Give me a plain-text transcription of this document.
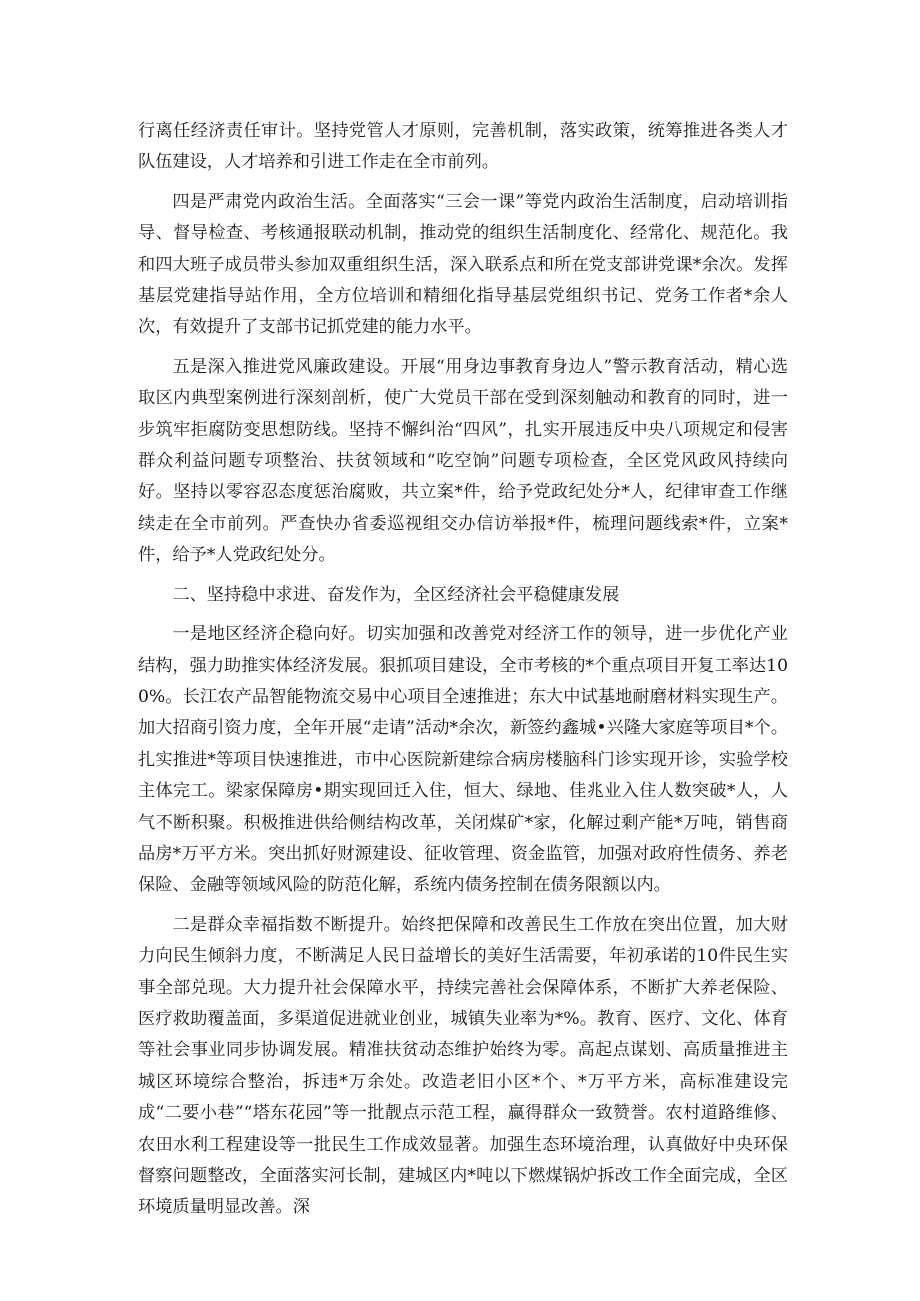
行离任经济责任审计。坚持党管人才原则，完善机制，落实政策，统筹推进各类人才队伍建设，人才培养和引进工作走在全市前列。

四是严肃党内政治生活。全面落实“三会一课”等党内政治生活制度，启动培训指导、督导检查、考核通报联动机制，推动党的组织生活制度化、经常化、规范化。我和四大班子成员带头参加双重组织生活，深入联系点和所在党支部讲党课*余次。发挥基层党建指导站作用，全方位培训和精细化指导基层党组织书记、党务工作者*余人次，有效提升了支部书记抓党建的能力水平。

五是深入推进党风廉政建设。开展“用身边事教育身边人”警示教育活动，精心选取区内典型案例进行深刻剖析，使广大党员干部在受到深刻触动和教育的同时，进一步筑牢拒腐防变思想防线。坚持不懈纠治“四风”，扎实开展违反中央八项规定和侵害群众利益问题专项整治、扶贫领域和“吃空饷”问题专项检查，全区党风政风持续向好。坚持以零容忍态度惩治腐败，共立案*件，给予党政纪处分*人，纪律审查工作继续走在全市前列。严查快办省委巡视组交办信访举报*件，梳理问题线索*件，立案*件，给予*人党政纪处分。

二、坚持稳中求进、奋发作为，全区经济社会平稳健康发展

一是地区经济企稳向好。切实加强和改善党对经济工作的领导，进一步优化产业结构，强力助推实体经济发展。狠抓项目建设，全市考核的*个重点项目开复工率达100%。长江农产品智能物流交易中心项目全速推进；东大中试基地耐磨材料实现生产。加大招商引资力度，全年开展“走请”活动*余次，新签约鑫城•兴隆大家庭等项目*个。扎实推进*等项目快速推进，市中心医院新建综合病房楼脑科门诊实现开诊，实验学校主体完工。梁家保障房•期实现回迁入住，恒大、绿地、佳兆业入住人数突破*人，人气不断积聚。积极推进供给侧结构改革，关闭煤矿*家，化解过剩产能*万吨，销售商品房*万平方米。突出抓好财源建设、征收管理、资金监管，加强对政府性债务、养老保险、金融等领域风险的防范化解，系统内债务控制在债务限额以内。

二是群众幸福指数不断提升。始终把保障和改善民生工作放在突出位置，加大财力向民生倾斜力度，不断满足人民日益增长的美好生活需要，年初承诺的10件民生实事全部兑现。大力提升社会保障水平，持续完善社会保障体系，不断扩大养老保险、医疗救助覆盖面，多渠道促进就业创业，城镇失业率为*%。教育、医疗、文化、体育等社会事业同步协调发展。精准扶贫动态维护始终为零。高起点谋划、高质量推进主城区环境综合整治，拆违*万余处。改造老旧小区*个、*万平方米，高标准建设完成“二要小巷”“塔东花园”等一批靓点示范工程，赢得群众一致赞誉。农村道路维修、农田水利工程建设等一批民生工作成效显著。加强生态环境治理，认真做好中央环保督察问题整改，全面落实河长制，建城区内*吨以下燃煤锅炉拆改工作全面完成，全区环境质量明显改善。深
